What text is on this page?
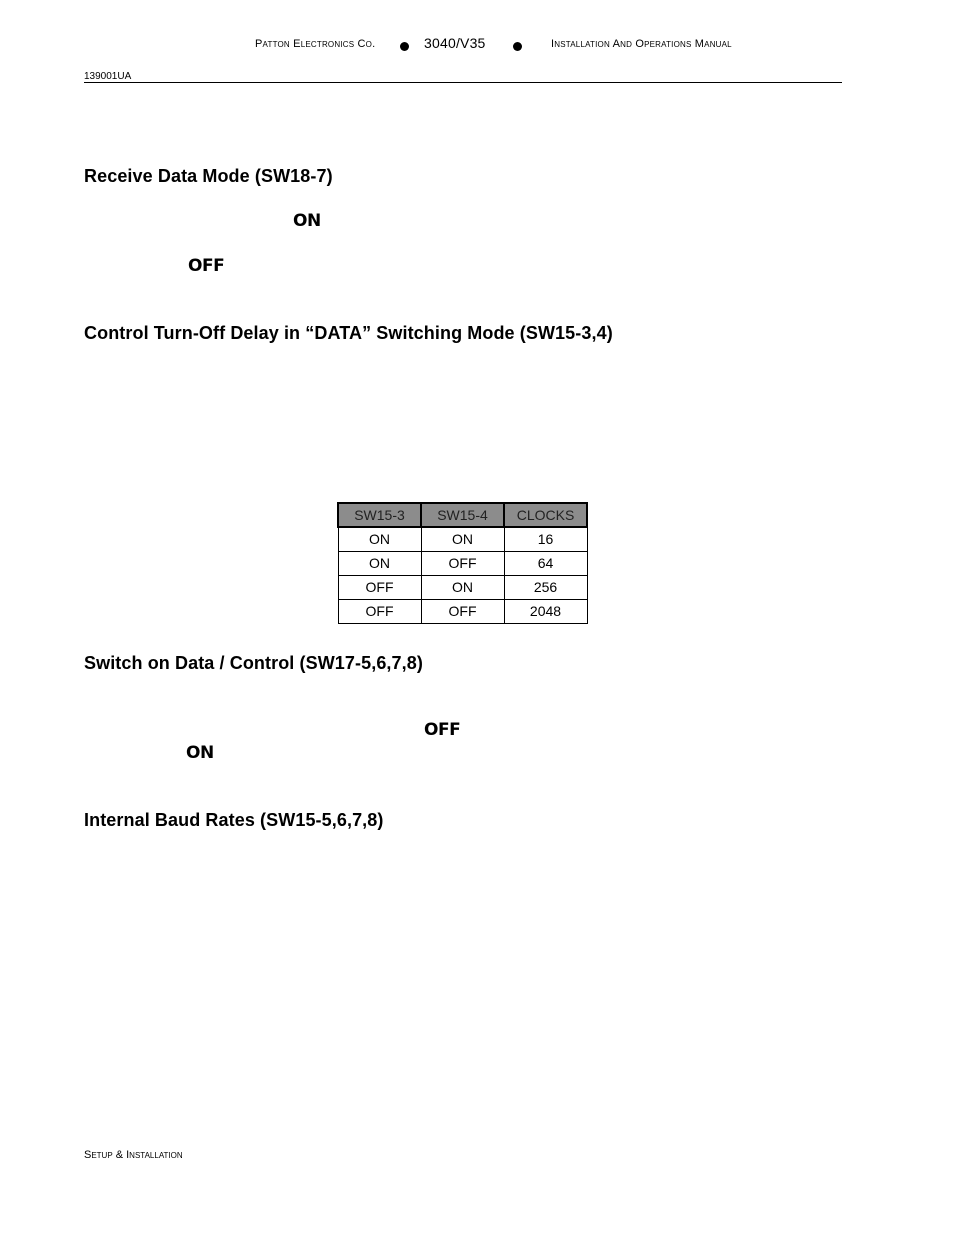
Patton Electronics Co.	3040/V35	Installation And Operations Manual
139001UA
Receive Data Mode (SW18-7)
ON
OFF
Control Turn-Off Delay in “DATA” Switching Mode (SW15-3,4)
SW15-3	SW15-4	CLOCKS
ON	ON	16
ON	OFF	64
OFF	ON	256
OFF	OFF	2048
Switch on Data / Control (SW17-5,6,7,8)
OFF
ON
Internal Baud Rates (SW15-5,6,7,8)
Setup & Installation
